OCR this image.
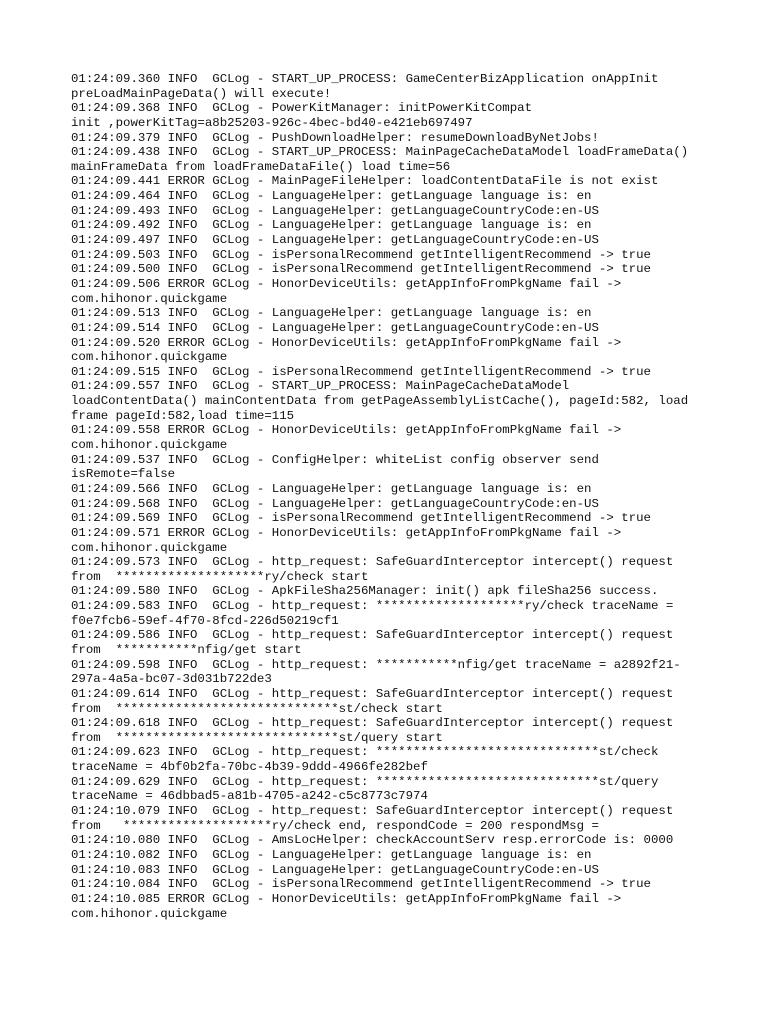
01:24:09.360 INFO  GCLog - START_UP_PROCESS: GameCenterBizApplication onAppInit
preLoadMainPageData() will execute!
01:24:09.368 INFO  GCLog - PowerKitManager: initPowerKitCompat
init ,powerKitTag=a8b25203-926c-4bec-bd40-e421eb697497
01:24:09.379 INFO  GCLog - PushDownloadHelper: resumeDownloadByNetJobs!
01:24:09.438 INFO  GCLog - START_UP_PROCESS: MainPageCacheDataModel loadFrameData()
mainFrameData from loadFrameDataFile() load time=56
01:24:09.441 ERROR GCLog - MainPageFileHelper: loadContentDataFile is not exist
01:24:09.464 INFO  GCLog - LanguageHelper: getLanguage language is: en
01:24:09.493 INFO  GCLog - LanguageHelper: getLanguageCountryCode:en-US
01:24:09.492 INFO  GCLog - LanguageHelper: getLanguage language is: en
01:24:09.497 INFO  GCLog - LanguageHelper: getLanguageCountryCode:en-US
01:24:09.503 INFO  GCLog - isPersonalRecommend getIntelligentRecommend -> true
01:24:09.500 INFO  GCLog - isPersonalRecommend getIntelligentRecommend -> true
01:24:09.506 ERROR GCLog - HonorDeviceUtils: getAppInfoFromPkgName fail ->
com.hihonor.quickgame
01:24:09.513 INFO  GCLog - LanguageHelper: getLanguage language is: en
01:24:09.514 INFO  GCLog - LanguageHelper: getLanguageCountryCode:en-US
01:24:09.520 ERROR GCLog - HonorDeviceUtils: getAppInfoFromPkgName fail ->
com.hihonor.quickgame
01:24:09.515 INFO  GCLog - isPersonalRecommend getIntelligentRecommend -> true
01:24:09.557 INFO  GCLog - START_UP_PROCESS: MainPageCacheDataModel
loadContentData() mainContentData from getPageAssemblyListCache(), pageId:582, load
frame pageId:582,load time=115
01:24:09.558 ERROR GCLog - HonorDeviceUtils: getAppInfoFromPkgName fail ->
com.hihonor.quickgame
01:24:09.537 INFO  GCLog - ConfigHelper: whiteList config observer send
isRemote=false
01:24:09.566 INFO  GCLog - LanguageHelper: getLanguage language is: en
01:24:09.568 INFO  GCLog - LanguageHelper: getLanguageCountryCode:en-US
01:24:09.569 INFO  GCLog - isPersonalRecommend getIntelligentRecommend -> true
01:24:09.571 ERROR GCLog - HonorDeviceUtils: getAppInfoFromPkgName fail ->
com.hihonor.quickgame
01:24:09.573 INFO  GCLog - http_request: SafeGuardInterceptor intercept() request
from  ********************ry/check start
01:24:09.580 INFO  GCLog - ApkFileSha256Manager: init() apk fileSha256 success.
01:24:09.583 INFO  GCLog - http_request: ********************ry/check traceName =
f0e7fcb6-59ef-4f70-8fcd-226d50219cf1
01:24:09.586 INFO  GCLog - http_request: SafeGuardInterceptor intercept() request
from  ***********nfig/get start
01:24:09.598 INFO  GCLog - http_request: ***********nfig/get traceName = a2892f21-
297a-4a5a-bc07-3d031b722de3
01:24:09.614 INFO  GCLog - http_request: SafeGuardInterceptor intercept() request
from  ******************************st/check start
01:24:09.618 INFO  GCLog - http_request: SafeGuardInterceptor intercept() request
from  ******************************st/query start
01:24:09.623 INFO  GCLog - http_request: ******************************st/check
traceName = 4bf0b2fa-70bc-4b39-9ddd-4966fe282bef
01:24:09.629 INFO  GCLog - http_request: ******************************st/query
traceName = 46dbbad5-a81b-4705-a242-c5c8773c7974
01:24:10.079 INFO  GCLog - http_request: SafeGuardInterceptor intercept() request
from   ********************ry/check end, respondCode = 200 respondMsg =
01:24:10.080 INFO  GCLog - AmsLocHelper: checkAccountServ resp.errorCode is: 0000
01:24:10.082 INFO  GCLog - LanguageHelper: getLanguage language is: en
01:24:10.083 INFO  GCLog - LanguageHelper: getLanguageCountryCode:en-US
01:24:10.084 INFO  GCLog - isPersonalRecommend getIntelligentRecommend -> true
01:24:10.085 ERROR GCLog - HonorDeviceUtils: getAppInfoFromPkgName fail ->
com.hihonor.quickgame
